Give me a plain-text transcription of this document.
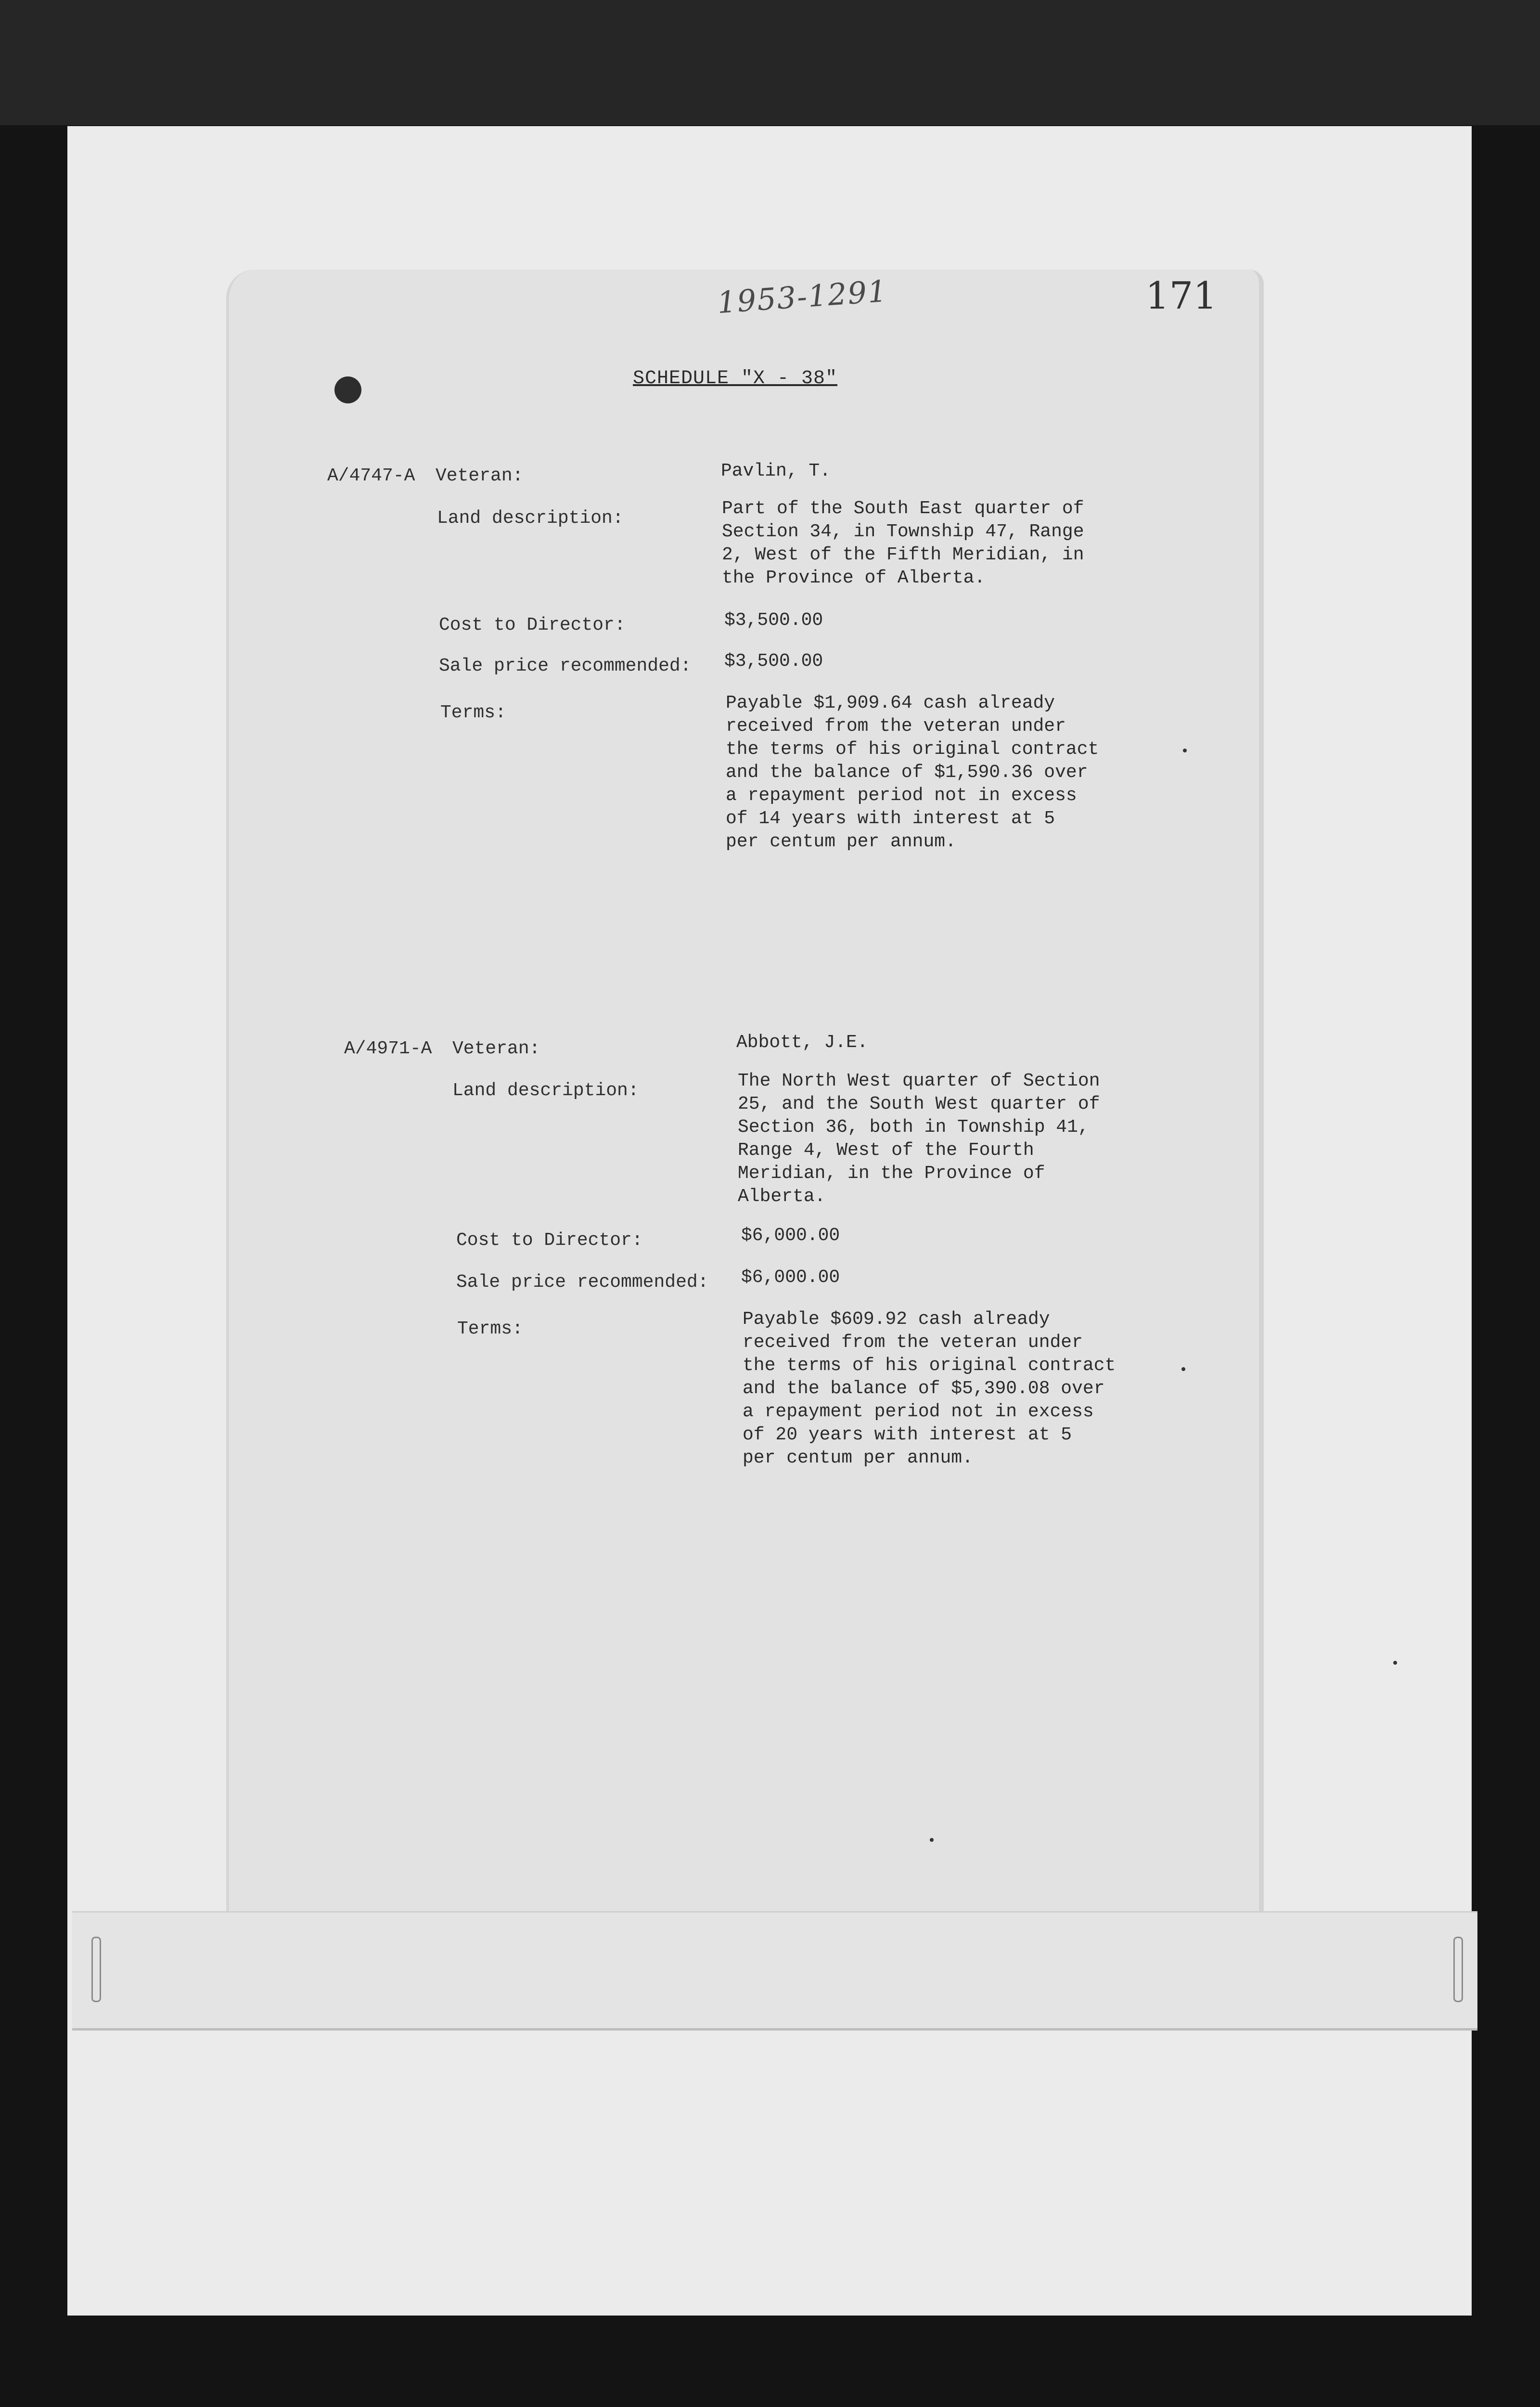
1953-1291	171
SCHEDULE "X - 38"
A/4747-A Veteran:	Pavlin, T.
Land description:	Part of the South East quarter of
Section 34, in Township 47, Range
2, West of the Fifth Meridian, in
the Province of Alberta.
Cost to Director:	$3,500.00
Sale price recommended: $3,500.00
Terms:	Payable $1,909.64 cash already
received from the veteran under
the terms of his original contract
and the balance of $1,590.36 over
a repayment period not in excess
of 14 years with interest at 5
per centum per annum.
A/4971-A Veteran:	Abbott, J.E.
Land description:	The North West quarter of Section
25, and the South West quarter of
Section 36, both in Township 41,
Range 4, West of the Fourth
Meridian, in the Province of
Alberta.
Cost to Director:	$6,000.00
Sale price recommended: $6,000.00
Terms:	Payable $609.92 cash already
received from the veteran under
the terms of his original contract
and the balance of $5,390.08 over
a repayment period not in excess
of 20 years with interest at 5
per centum per annum.
